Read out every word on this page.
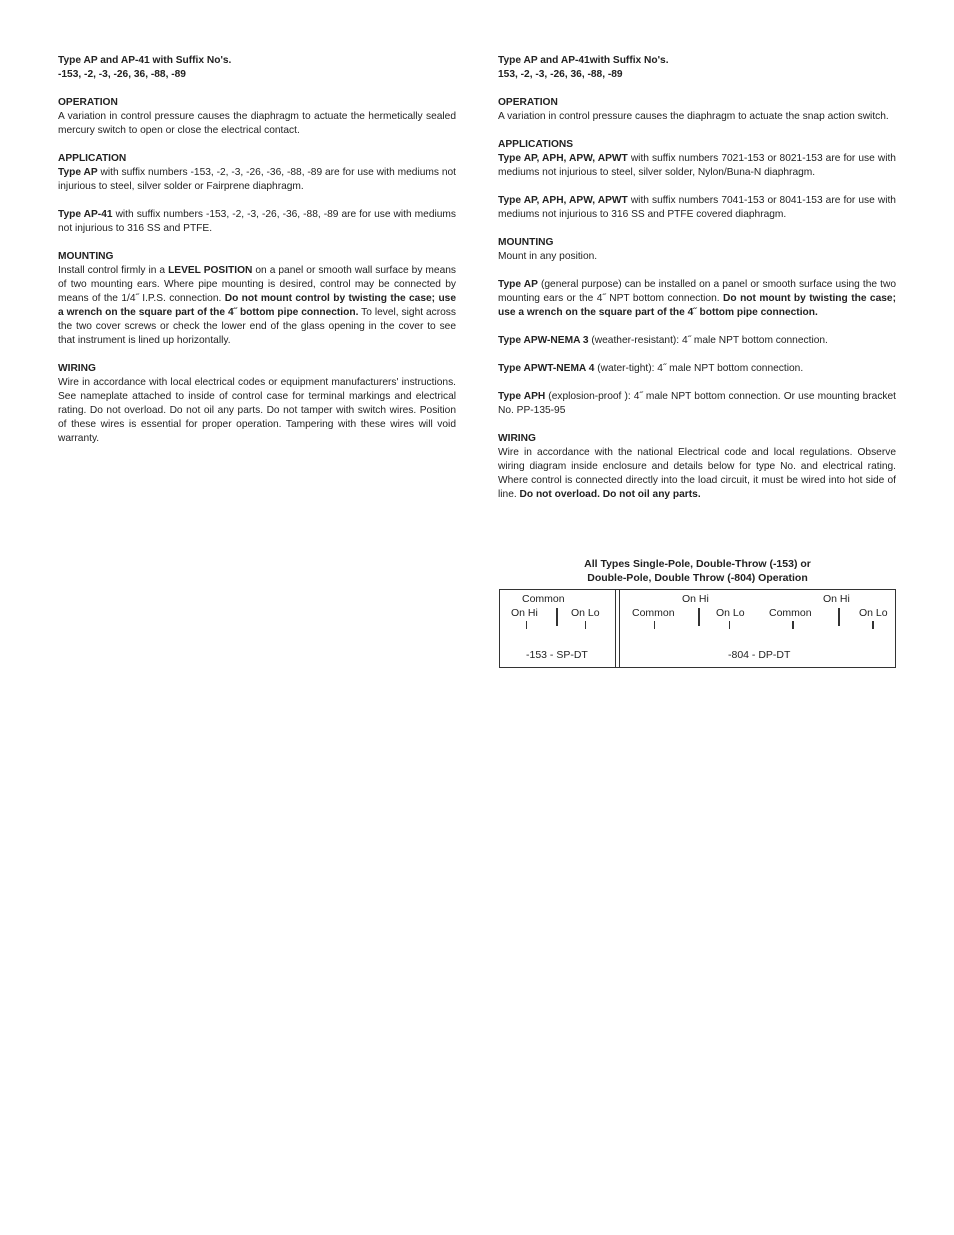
Type AP and AP-41 with Suffix No's.
-153, -2, -3, -26, 36, -88, -89
OPERATION

A variation in control pressure causes the diaphragm to actuate the hermetically sealed mercury switch to open or close the electrical contact.

APPLICATION

Type AP with suffix numbers -153, -2, -3, -26, -36, -88, -89 are for use with mediums not injurious to steel, silver solder or Fairprene diaphragm.

Type AP-41 with suffix numbers -153, -2, -3, -26, -36, -88, -89 are for use with mediums not injurious to 316 SS and PTFE.

MOUNTING

Install control firmly in a LEVEL POSITION on a panel or smooth wall surface by means of two mounting ears. Where pipe mounting is desired, control may be connected by means of the 1/4˝ I.P.S. connection. Do not mount control by twisting the case; use a wrench on the square part of the 4˝ bottom pipe connection. To level, sight across the two cover screws or check the lower end of the glass opening in the cover to see that instrument is lined up horizontally.

WIRING

Wire in accordance with local electrical codes or equipment manufacturers' instructions. See nameplate attached to inside of control case for terminal markings and electrical rating. Do not overload. Do not oil any parts. Do not tamper with switch wires. Position of these wires is essential for proper operation. Tampering with these wires will void warranty.

Type AP and AP-41with Suffix No's.
153, -2, -3, -26, 36, -88, -89
OPERATION

A variation in control pressure causes the diaphragm to actuate the snap action switch.

APPLICATIONS

Type AP, APH, APW, APWT with suffix numbers 7021-153 or 8021-153 are for use with mediums not injurious to steel, silver solder, Nylon/Buna-N diaphragm.

Type AP, APH, APW, APWT with suffix numbers 7041-153 or 8041-153 are for use with mediums not injurious to 316 SS and PTFE covered diaphragm.

MOUNTING

Mount in any position.

Type AP (general purpose) can be installed on a panel or smooth surface using the two mounting ears or the 4˝ NPT bottom connection. Do not mount by twisting the case; use a wrench on the square part of the 4˝ bottom pipe connection.

Type APW-NEMA 3 (weather-resistant): 4˝ male NPT bottom connection.

Type APWT-NEMA 4 (water-tight): 4˝ male NPT bottom connection.

Type APH (explosion-proof ): 4˝ male NPT bottom connection. Or use mounting bracket No. PP-135-95

WIRING

Wire in accordance with the national Electrical code and local regulations. Observe wiring diagram inside enclosure and details below for type No. and electrical rating. Where control is connected directly into the load circuit, it must be wired into hot side of line. Do not overload. Do not oil any parts.

All Types Single-Pole, Double-Throw (-153) or
Double-Pole, Double Throw (-804) Operation
Common
On Hi	On Lo
-153 - SP-DT
On Hi	On Hi
Common	On Lo Common	On Lo
-804 - DP-DT
